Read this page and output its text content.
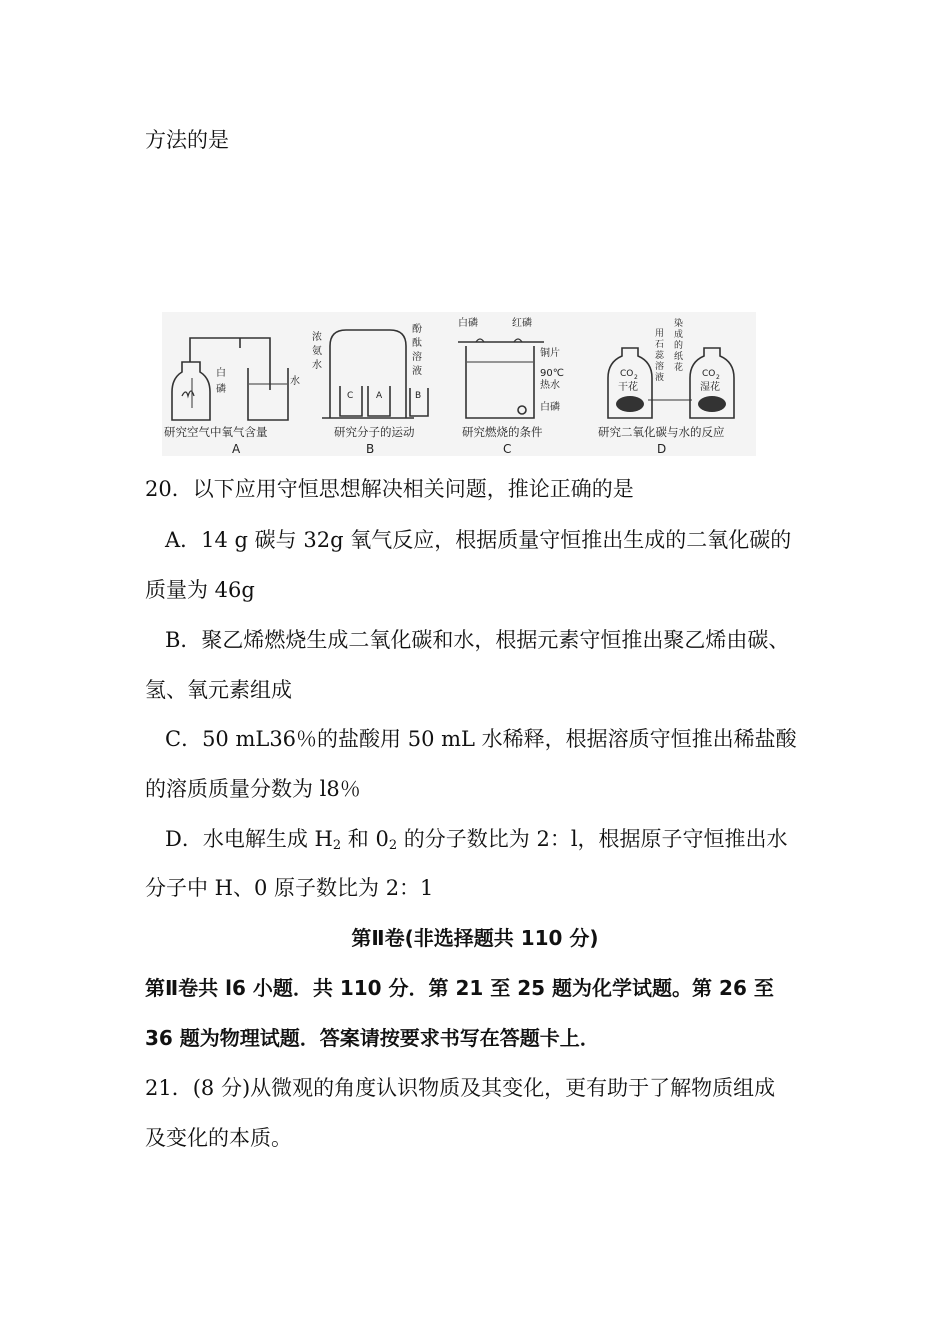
方法的是
白
磷
水
研究空气中氧气含量
A
C	A	B
浓
氨
水
酚
酞
溶
液
研究分子的运动
B
白磷	红磷
铜片
90℃
热水
白磷
研究燃烧的条件
C
用
石
蕊
溶
液
染
成
的
纸
花
CO 2
干花
CO 2
湿花
研究二氧化碳与水的反应
D
20．以下应用守恒思想解决相关问题，推论正确的是
A．14 g 碳与 32g 氧气反应，根据质量守恒推出生成的二氧化碳的
质量为 46g
B．聚乙烯燃烧生成二氧化碳和水，根据元素守恒推出聚乙烯由碳、
氢、氧元素组成
C．50 mL36％的盐酸用 50 mL 水稀释，根据溶质守恒推出稀盐酸
的溶质质量分数为 l8％
D．水电解生成 $H_2$ 和 $0_2$ 的分子数比为 2：l，根据原子守恒推出水
分子中 H、0 原子数比为 2：1
第Ⅱ卷(非选择题共 110 分)
第Ⅱ卷共 l6 小题．共 110 分．第 21 至 25 题为化学试题。第 26 至
36 题为物理试题．答案请按要求书写在答题卡上．
21．(8 分)从微观的角度认识物质及其变化，更有助于了解物质组成
及变化的本质。
